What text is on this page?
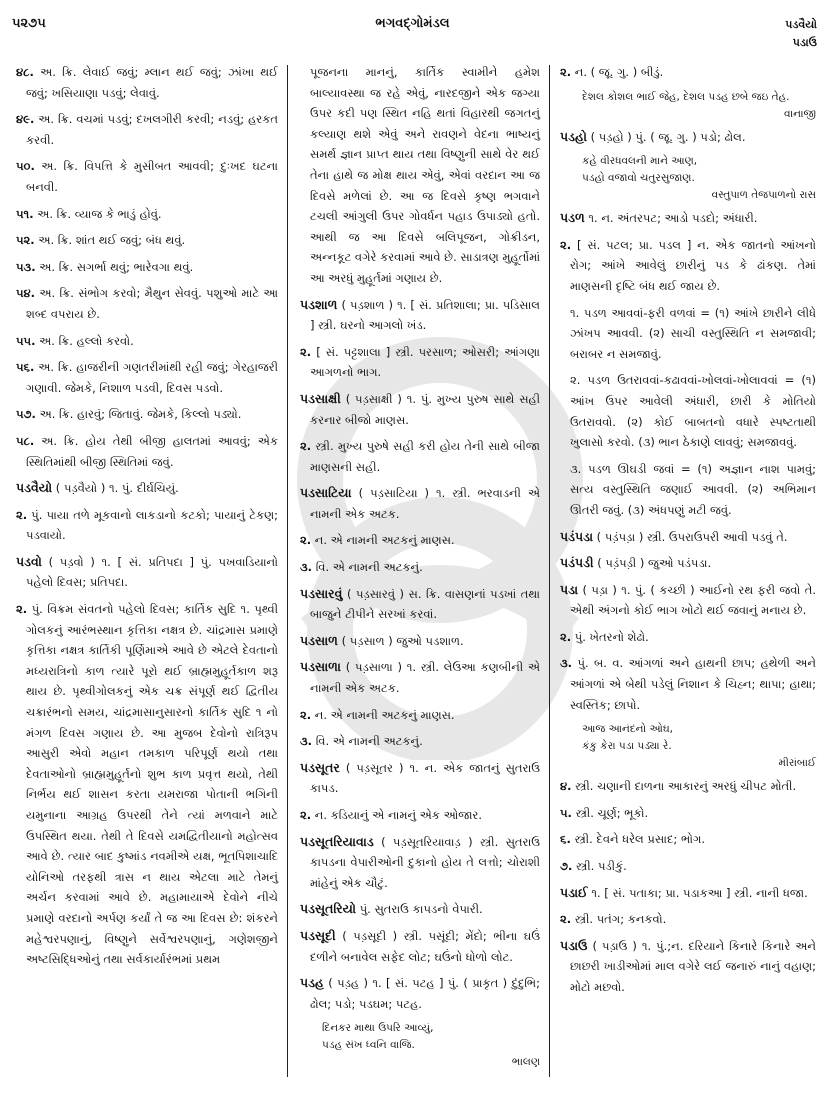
૫૨૭૫	ભગવદ્ગોમંડલ	પડવૈયો
પડાઉ

૪૮. અ. ક્રિ. લેવાઈ જવું; મ્લાન થઈ જવું; ઝાંખા થઈ જવું; ખસિયાણા પડવું; લેવાવું.

૪૯. અ. ક્રિ. વચમાં પડવું; દખલગીરી કરવી; નડવું; હરકત કરવી.

૫૦. અ. ક્રિ. વિપત્તિ કે મુસીબત આવવી; દુઃખદ ઘટના બનવી.

૫૧. અ. ક્રિ. વ્યાજ કે ભાડું હોવું.

૫૨. અ. ક્રિ. શાંત થઈ જવું; બંધ થવું.

૫૩. અ. ક્રિ. સગર્ભા થવું; ભારેવગા થવું.

૫૪. અ. ક્રિ. સંભોગ કરવો; મૈથુન સેવવું. પશુઓ માટે આ શબ્દ વપરાય છે.

૫૫. અ. ક્રિ. હલ્લો કરવો.

૫૬. અ. ક્રિ. હાજરીની ગણતરીમાંથી રહી જવું; ગેરહાજરી ગણાવી. જેમકે, નિશાળ પડવી, દિવસ પડવો.

૫૭. અ. ક્રિ. હારવું; જિતાવું. જેમકે, કિલ્લો પડ્યો.

૫૮. અ. ક્રિ. હોય તેથી બીજી હાલતમાં આવવું; એક સ્થિતિમાંથી બીજી સ્થિતિમાં જવું.

પડવૈયો ( પડ઼વૈયો ) ૧. પું. દીર્ઘચિયું.

૨. પું. પાયા તળે મૂકવાનો લાકડાનો કટકો; પાયાનું ટેકણ; પડવાયો.

પડવો ( પડ઼વો ) ૧. [ સં. પ્રતિપદા ] પું. પખવાડિયાનો પહેલો દિવસ; પ્રતિપદા.

૨. પું. વિક્રમ સંવતનો પહેલો દિવસ; કાર્તિક સુદિ ૧. પૃથ્વી ગોલકનું આરંભસ્થાન કૃત્તિકા નક્ષત્ર છે. ચાંદ્રમાસ પ્રમાણે કૃત્તિકા નક્ષત્ર કાર્તિકી પૂર્ણિમાએ આવે છે એટલે દેવતાનો મધ્યરાત્રિનો કાળ ત્યારે પૂરો થઈ બ્રાહ્મમુહૂર્તકાળ શરૂ થાય છે. પૃથ્વીગોલકનું એક ચક્ર સંપૂર્ણ થઈ દ્વિતીય ચક્રારંભનો સમય, ચાંદ્રમાસાનુસારનો કાર્તિક સુદિ ૧ નો મંગળ દિવસ ગણાય છે. આ મુજબ દેવોનો રાત્રિરૂપ આસુરી એવો મહાન તમકાળ પરિપૂર્ણ થયો તથા દેવતાઓનો બ્રાહ્મમુહૂર્તનો શુભ કાળ પ્રવૃત્ત થયો, તેથી નિર્ભય થઈ શાસન કરતા યમરાજા પોતાની ભગિની યમુનાના આગ્રહ ઉપરથી તેને ત્યાં મળવાને માટે ઉપસ્થિત થયા. તેથી તે દિવસે યમદ્વિતીયાનો મહોત્સવ આવે છે. ત્યાર બાદ કુષ્માંડ નવમીએ યક્ષ, ભૂતપિશાચાદિ યોનિઓ તરફથી ત્રાસ ન થાય એટલા માટે તેમનું અર્ચન કરવામાં આવે છે. મહામાયાએ દેવોને નીચે પ્રમાણે વરદાનો અર્પણ કર્યાં તે જ આ દિવસ છે: શંકરને મહેશ્વરપણાનું, વિષ્ણુને સર્વેશ્વરપણાનું, ગણેશજીને અષ્ટસિદ્ધિઓનું તથા સર્વકાર્યારંભમાં પ્રથમ

પૂજનના માનનું, કાર્તિક સ્વામીને હમેશ બાલ્યાવસ્થા જ રહે એવું, નારદજીને એક જગ્યા ઉપર કદી પણ સ્થિત નહિ થતાં વિહારથી જગતનું કલ્યાણ થશે એવું અને રાવણને વેદના ભાષ્યનું સમર્થ જ્ઞાન પ્રાપ્ત થાય તથા વિષ્ણુની સાથે વેર થઈ તેના હાથે જ મોક્ષ થાય એવું, એવાં વરદાન આ જ દિવસે મળેલાં છે. આ જ દિવસે કૃષ્ણ ભગવાને ટચલી આંગુલી ઉપર ગોવર્ધન પહાડ ઉપાડ્યો હતો. આથી જ આ દિવસે બલિપૂજન, ગોક્રીડન, અન્નકૂટ વગેરે કરવામાં આવે છે. સાડાત્રણ મુહૂર્તોમાં આ અરધું મુહૂર્તમાં ગણાય છે.

પડશાળ ( પડ઼શાળ ) ૧. [ સં. પ્રતિશાલા; પ્રા. પડિસાલ ] સ્ત્રી. ઘરનો આગલો ખંડ.

૨. [ સં. પટ્ટશાલા ] સ્ત્રી. પરસાળ; ઓસરી; આંગણા આગળનો ભાગ.

પડસાક્ષી ( પડ઼સાક્ષી ) ૧. પું. મુખ્ય પુરુષ સાથે સહી કરનાર બીજો માણસ.

૨. સ્ત્રી. મુખ્ય પુરુષે સહી કરી હોય તેની સાથે બીજા માણસની સહી.

પડસાટિયા ( પડ઼સાટિયા ) ૧. સ્ત્રી. ભરવાડની એ નામની એક અટક.

૨. ન. એ નામની અટકનું માણસ.

૩. વિ. એ નામની અટકનું.

પડસારવું ( પડ઼સારવું ) સ. ક્રિ. વાસણનાં પડખાં તથા બાજુને ટીપીને સરખાં કરવાં.

પડસાળ ( પડ઼સાળ ) જુઓ પડશાળ.

પડસાળા ( પડ઼સાળા ) ૧. સ્ત્રી. લેઉઆ કણબીની એ નામની એક અટક.

૨. ન. એ નામની અટકનું માણસ.

૩. વિ. એ નામની અટકનું.

પડસૂતર ( પડ઼સૂતર ) ૧. ન. એક જાતનું સુતરાઉ કાપડ.

૨. ન. કડિયાનું એ નામનું એક ઓજાર.

પડસૂતરિયાવાડ ( પડ઼સૂતરિયાવાડ઼ ) સ્ત્રી. સુતરાઉ કાપડના વેપારીઓની દુકાનો હોય તે લત્તો; ચોરાશી માંહેનું એક ચૌટું.

પડસૂતરિયો પું. સુતરાઉ કાપડનો વેપારી.

પડસૂદી ( પડ઼સૂદી ) સ્ત્રી. પસૂંદી; મેંદો; ભીના ઘઉં દળીને બનાવેલ સફેદ લોટ; ઘઉંનો ધોળો લોટ.

પડહ ( પડ઼હ ) ૧. [ સં. પટહ ] પું. ( પ્રાકૃત ) દુંદુભિ; ઢોલ; પડો; પડઘમ; પટહ.

દિનકર માથા ઉપરિ આવ્યું,
પડહ સંખ ધ્વનિ વાજિ.
ભાલણ

૨. ન. ( જૂ. ગુ. ) બીડું.

દેશલ કોશલ ભાઈ જેહ, દેશલ પડહ છબે જઇ તેહ.
વાનાજી

પડહો ( પડ઼હો ) પું. ( જૂ. ગુ. ) પડો; ઢોલ.

કહે વીરધવલની માને આણ,
પડહો વજાવો ચતુરસુજાણ.
વસ્તુપાળ તેજપાળનો રાસ

પડળ ૧. ન. અંતરપટ; આડો પડદો; અંધારી.

૨. [ સં. પટલ; પ્રા. પડલ ] ન. એક જાતનો આંખનો રોગ; આંખે આવેલું છારીનું પડ કે ઢાંકણ. તેમાં માણસની દૃષ્ટિ બંધ થઈ જાય છે.

૧. પડળ આવવાં-ફરી વળવાં = (૧) આંખે છારીને લીધે ઝાંખપ આવવી. (૨) સાચી વસ્તુસ્થિતિ ન સમજાવી; બરાબર ન સમજાવું.

૨. પડળ ઉતરાવવાં-કઢાવવાં-ખોલવાં-ખોલાવવાં = (૧) આંખ ઉપર આવેલી અંધારી, છારી કે મોતિયો ઉતરાવવો. (૨) કોઈ બાબતનો વધારે સ્પષ્ટતાથી ખુલાસો કરવો. (૩) ભાન ઠેકાણે લાવવું; સમજાવવું.

૩. પડળ ઊઘડી જવાં = (૧) અજ્ઞાન નાશ પામવું; સત્ય વસ્તુસ્થિતિ જણાઈ આવવી. (૨) અભિમાન ઊતરી જવું. (૩) અંધપણું મટી જવું.

પડંપડા ( પડ઼ંપડ઼ા ) સ્ત્રી. ઉપરાઉપરી આવી પડવું તે.

પડંપડી ( પડ઼ંપડ઼ી ) જુઓ પડંપડા.

પડા ( પડ઼ા ) ૧. પું. ( કચ્છી ) આઈનો રથ ફરી જવો તે. એથી અંગનો કોઈ ભાગ ખોટો થઈ જવાનું મનાય છે.

૨. પું. ખેતરનો શેઢો.

૩. પું. બ. વ. આંગળાં અને હાથની છાપ; હથેળી અને આંગળાં એ બેથી પડેલું નિશાન કે ચિહ્ન; થાપા; હાથા; સ્વસ્તિક; છાપો.

આજ આનંદનો ઓઘ,
કંકુ કેરા પડા પડ્યા રે.
મીરાંબાઈ

૪. સ્ત્રી. ચણાની દાળના આકારનું અરધું ચીપટ મોતી.

૫. સ્ત્રી. ચૂર્ણ; ભૂકો.

૬. સ્ત્રી. દેવને ધરેલ પ્રસાદ; ભોગ.

૭. સ્ત્રી. પડીકું.

પડાઈ ૧. [ સં. પતાકા; પ્રા. પડાકઆ ] સ્ત્રી. નાની ધજા.

૨. સ્ત્રી. પતંગ; કનકવો.

પડાઉ ( પડ઼ાઉ ) ૧. પું.;ન. દરિયાને કિનારે કિનારે અને છાછરી ખાડીઓમાં માલ વગેરે લઈ જનારું નાનું વહાણ; મોટો મછવો.
